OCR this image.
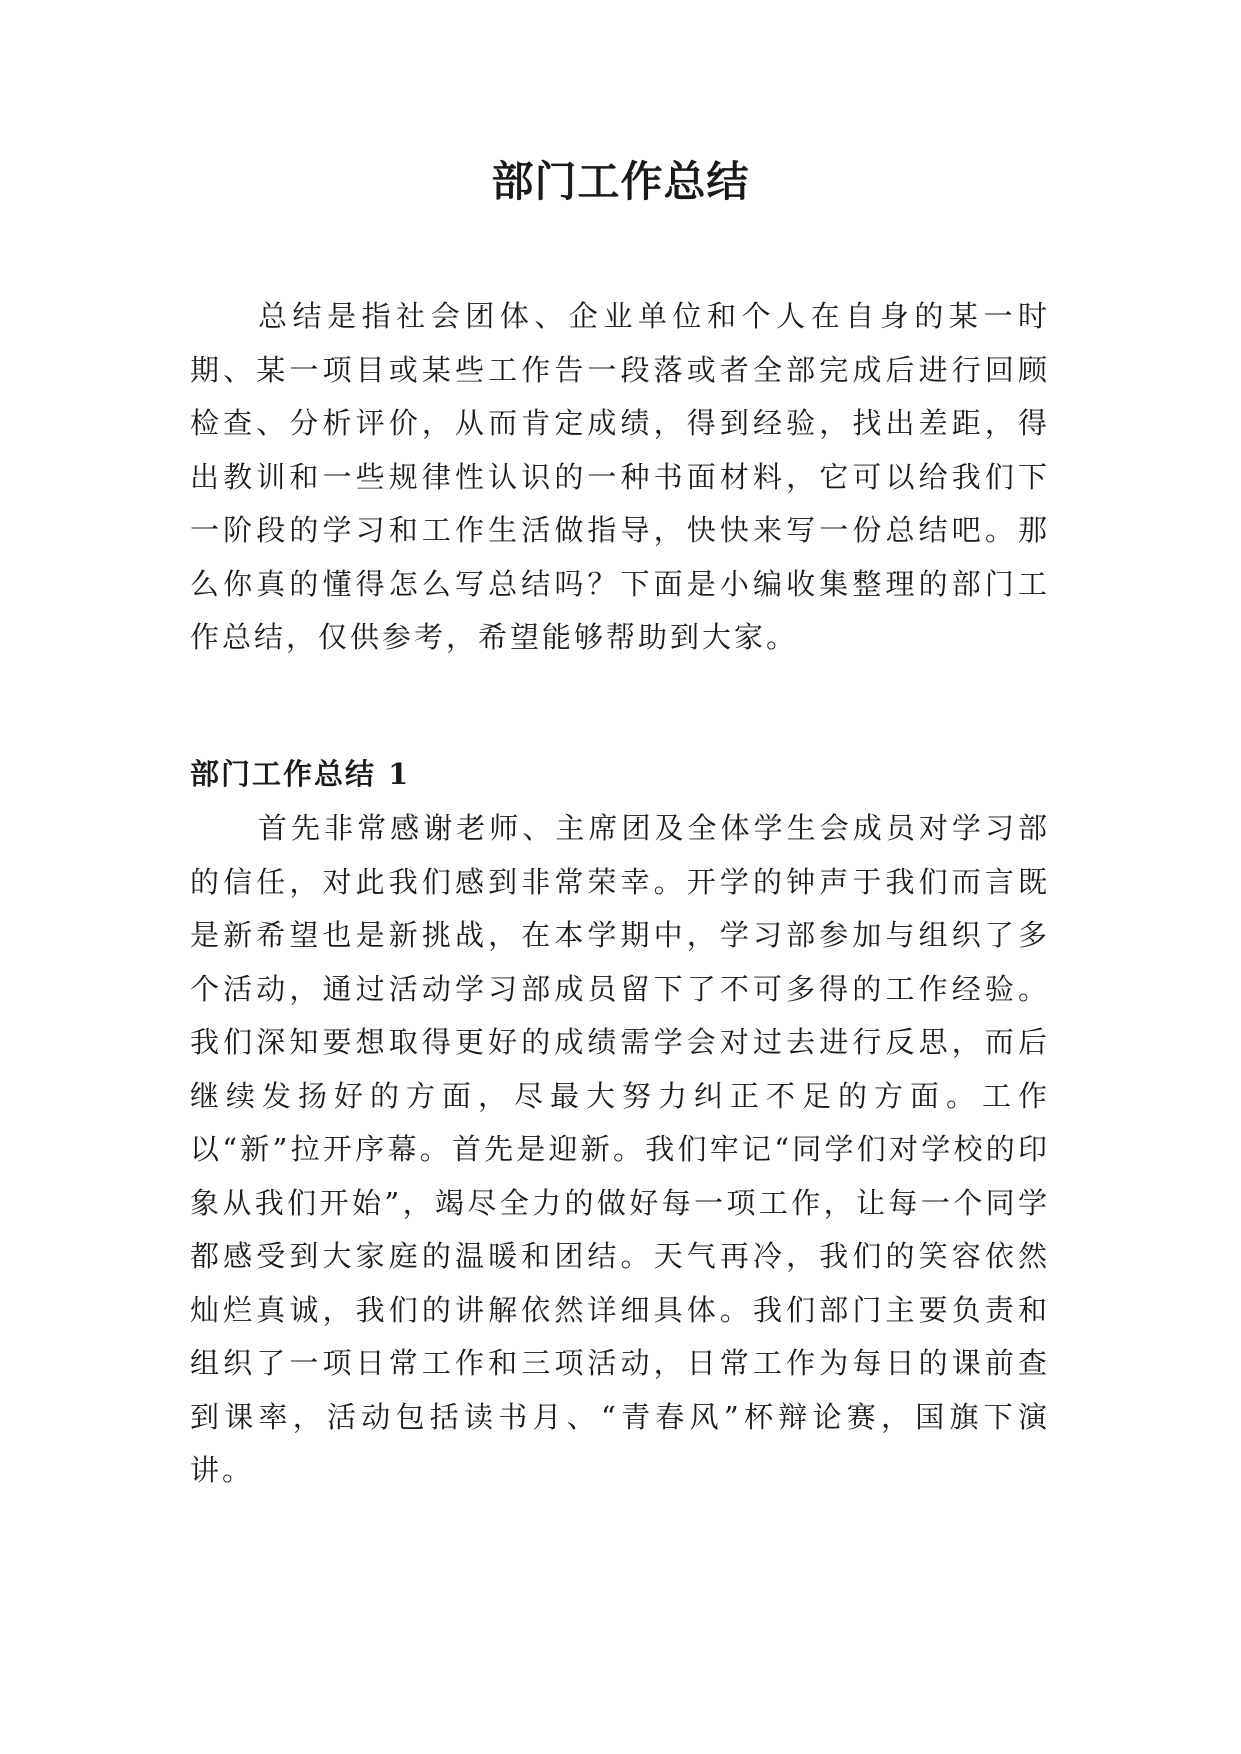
部门工作总结

总结是指社会团体、企业单位和个人在自身的某一时期、某一项目或某些工作告一段落或者全部完成后进行回顾检查、分析评价，从而肯定成绩，得到经验，找出差距，得出教训和一些规律性认识的一种书面材料，它可以给我们下一阶段的学习和工作生活做指导，快快来写一份总结吧。那么你真的懂得怎么写总结吗？下面是小编收集整理的部门工作总结，仅供参考，希望能够帮助到大家。

部门工作总结 1

首先非常感谢老师、主席团及全体学生会成员对学习部的信任，对此我们感到非常荣幸。开学的钟声于我们而言既是新希望也是新挑战，在本学期中，学习部参加与组织了多个活动，通过活动学习部成员留下了不可多得的工作经验。我们深知要想取得更好的成绩需学会对过去进行反思，而后继续发扬好的方面，尽最大努力纠正不足的方面。工作以“新”拉开序幕。首先是迎新。我们牢记“同学们对学校的印象从我们开始”，竭尽全力的做好每一项工作，让每一个同学都感受到大家庭的温暖和团结。天气再冷，我们的笑容依然灿烂真诚，我们的讲解依然详细具体。我们部门主要负责和组织了一项日常工作和三项活动，日常工作为每日的课前查到课率，活动包括读书月、“青春风”杯辩论赛，国旗下演讲。
